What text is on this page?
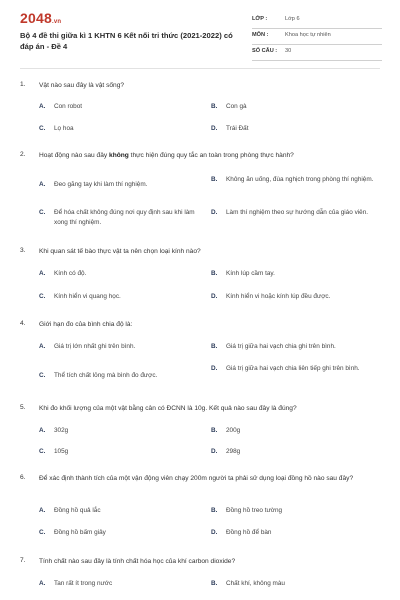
2048.vn
Bộ 4 đề thi giữa kì 1 KHTN 6 Kết nối tri thức (2021-2022) có đáp án - Đề 4
LỚP :	Lớp 6
MÔN :	Khoa học tự nhiên
SỐ CÂU : 30
1. Vật nào sau đây là vật sống?
A. Con robot	B. Con gà
C. Lọ hoa	D. Trái Đất
2. Hoạt động nào sau đây không thực hiện đúng quy tắc an toàn trong phòng thực hành?
A. Đeo găng tay khi làm thí nghiệm.
B. Không ăn uống, đùa nghịch trong phòng thí nghiệm.
C. Để hóa chất không đúng nơi quy định sau khi làm xong thí nghiệm.
D. Làm thí nghiệm theo sự hướng dẫn của giáo viên.
3. Khi quan sát tế bào thực vật ta nên chọn loại kính nào?
A. Kính có độ.	B. Kính lúp cầm tay.
C. Kính hiển vi quang học.	D. Kính hiển vi hoặc kính lúp đều được.
4. Giới hạn đo của bình chia độ là:
A. Giá trị lớn nhất ghi trên bình.	B. Giá trị giữa hai vạch chia ghi trên bình.
C. Thể tích chất lỏng mà bình đo được.
D. Giá trị giữa hai vạch chia liên tiếp ghi trên bình.
5. Khi đo khối lượng của một vật bằng cân có ĐCNN là 10g. Kết quả nào sau đây là đúng?
A. 302g	B. 200g
C. 105g	D. 298g
6. Để xác định thành tích của một vận động viên chạy 200m người ta phải sử dụng loại đồng hồ nào sau đây?
A. Đồng hồ quả lắc	B. Đồng hồ treo tường
C. Đồng hồ bấm giây	D. Đồng hồ để bàn
7. Tính chất nào sau đây là tính chất hóa học của khí carbon dioxide?
A. Tan rất ít trong nước	B. Chất khí, không màu
